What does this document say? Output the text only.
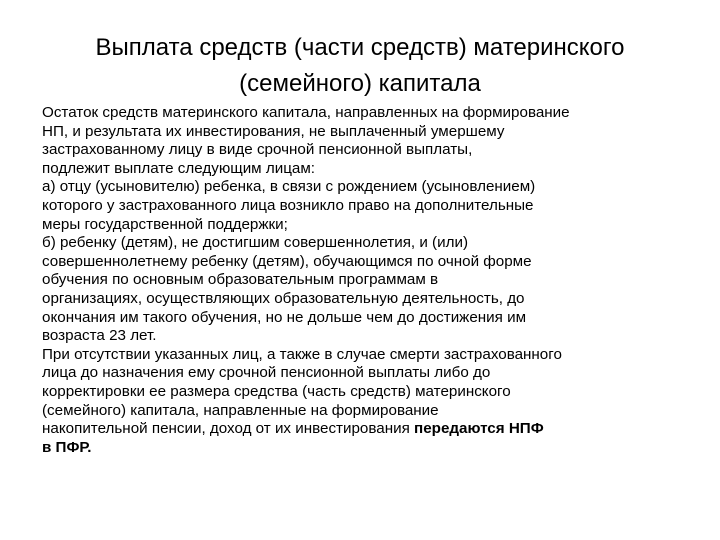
Выплата средств (части средств) материнского
(семейного) капитала

Остаток средств материнского капитала, направленных на формирование
НП, и результата их инвестирования, не выплаченный умершему
застрахованному лицу в виде срочной пенсионной выплаты,
подлежит выплате следующим лицам:

а) отцу (усыновителю) ребенка, в связи с рождением (усыновлением)
которого у застрахованного лица возникло право на дополнительные
меры государственной поддержки;

б) ребенку (детям), не достигшим совершеннолетия, и (или)
совершеннолетнему ребенку (детям), обучающимся по очной форме
обучения по основным образовательным программам в
организациях, осуществляющих образовательную деятельность, до
окончания им такого обучения, но не дольше чем до достижения им
возраста 23 лет.

При отсутствии указанных лиц, а также в случае смерти застрахованного
лица до назначения ему срочной пенсионной выплаты либо до
корректировки ее размера средства (часть средств) материнского
(семейного) капитала, направленные на формирование
накопительной пенсии, доход от их инвестирования передаются НПФ
в ПФР.
